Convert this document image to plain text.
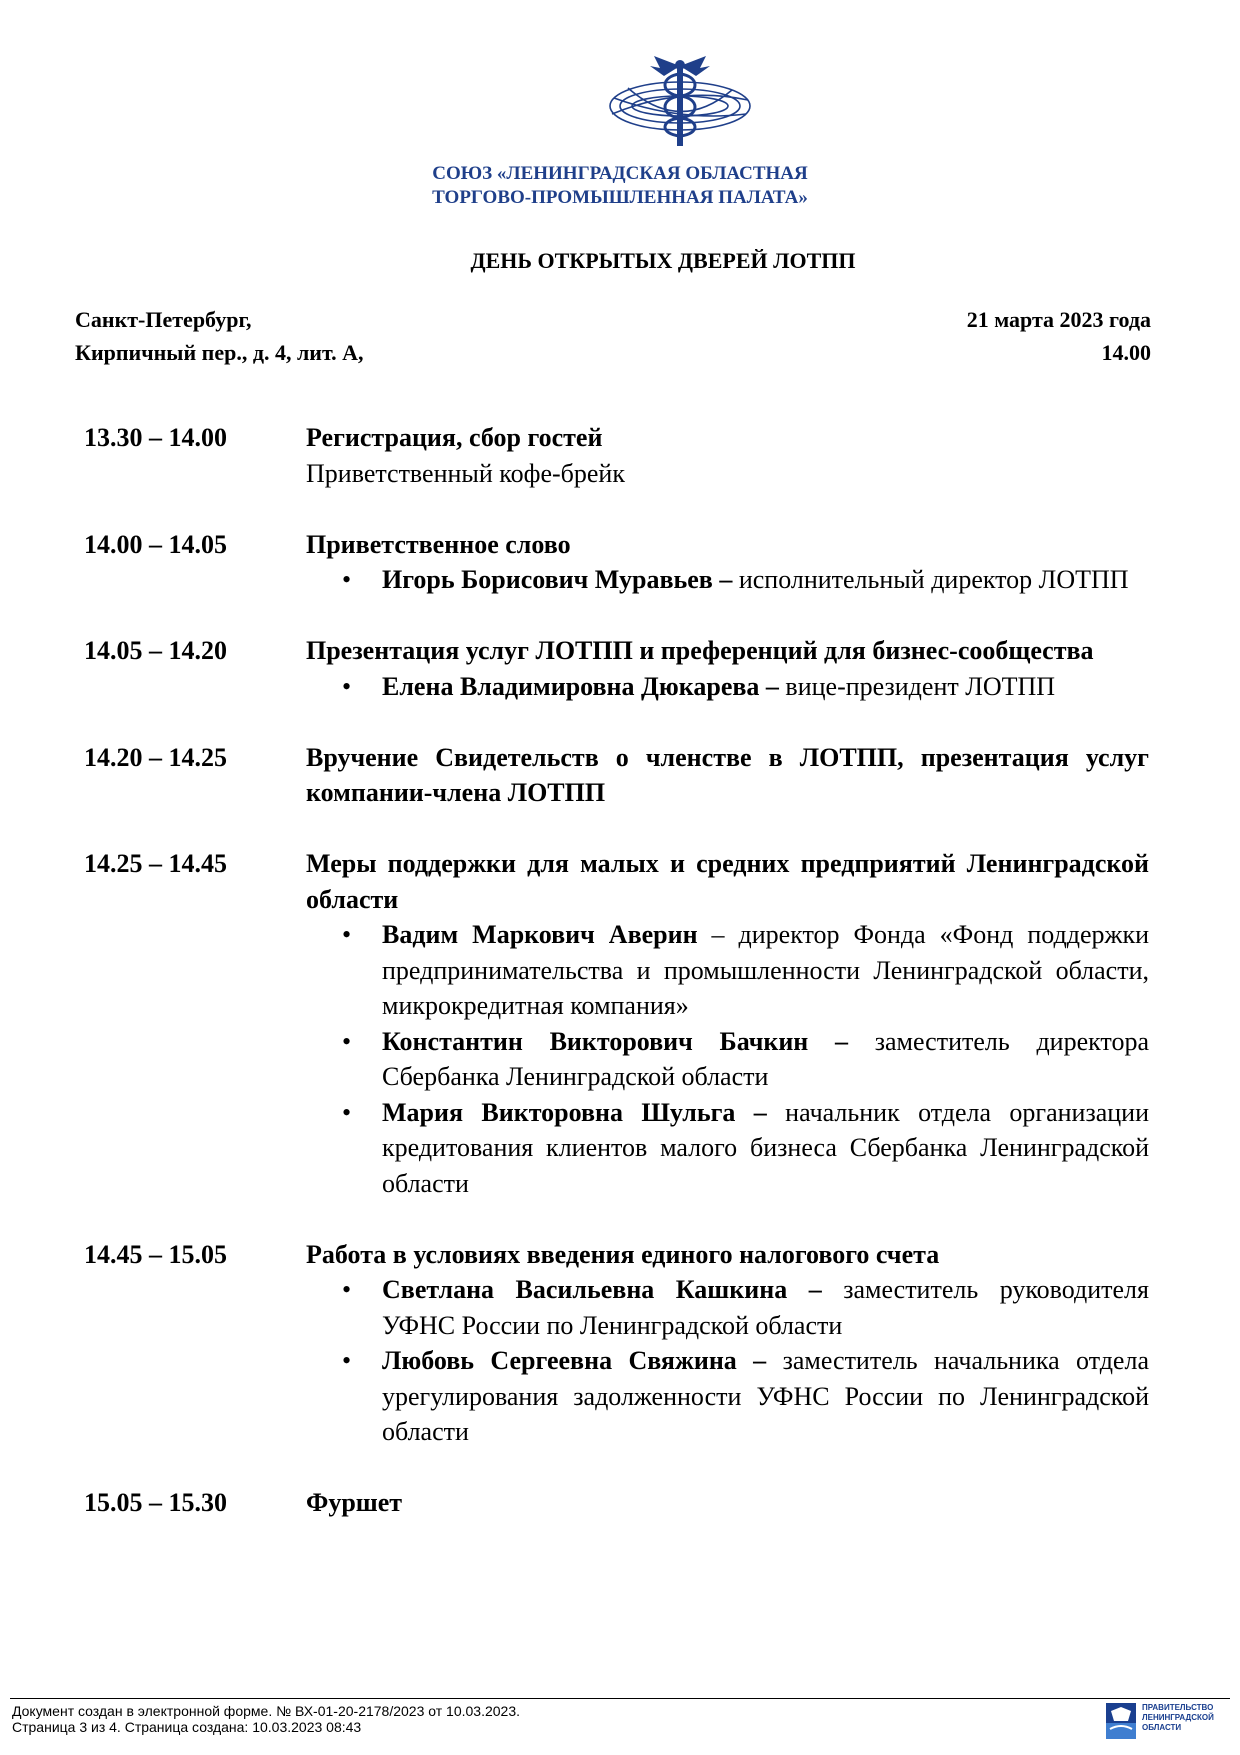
СОЮЗ «ЛЕНИНГРАДСКАЯ ОБЛАСТНАЯ
ТОРГОВО-ПРОМЫШЛЕННАЯ ПАЛАТА»
ДЕНЬ ОТКРЫТЫХ ДВЕРЕЙ ЛОТПП
Санкт-Петербург,
Кирпичный пер., д. 4, лит. А,
21 марта 2023 года
14.00
13.30 – 14.00	Регистрация, сбор гостей
Приветственный кофе-брейк
14.00 – 14.05	Приветственное слово
• Игорь Борисович Муравьев – исполнительный директор ЛОТПП
14.05 – 14.20	Презентация услуг ЛОТПП и преференций для бизнес-сообщества
• Елена Владимировна Дюкарева – вице-президент ЛОТПП
14.20 – 14.25	Вручение Свидетельств о членстве в ЛОТПП, презентация услуг компании-члена ЛОТПП
14.25 – 14.45	Меры поддержки для малых и средних предприятий Ленинградской области
• Вадим Маркович Аверин – директор Фонда «Фонд поддержки предпринимательства и промышленности Ленинградской области, микрокредитная компания»
• Константин Викторович Бачкин – заместитель директора Сбербанка Ленинградской области
• Мария Викторовна Шульга – начальник отдела организации кредитования клиентов малого бизнеса Сбербанка Ленинградской области
14.45 – 15.05	Работа в условиях введения единого налогового счета
• Светлана Васильевна Кашкина – заместитель руководителя УФНС России по Ленинградской области
• Любовь Сергеевна Свяжина – заместитель начальника отдела урегулирования задолженности УФНС России по Ленинградской области
15.05 – 15.30	Фуршет
Документ создан в электронной форме. № ВХ-01-20-2178/2023 от 10.03.2023.
Страница 3 из 4. Страница создана: 10.03.2023 08:43
ПРАВИТЕЛЬСТВО
ЛЕНИНГРАДСКОЙ
ОБЛАСТИ
